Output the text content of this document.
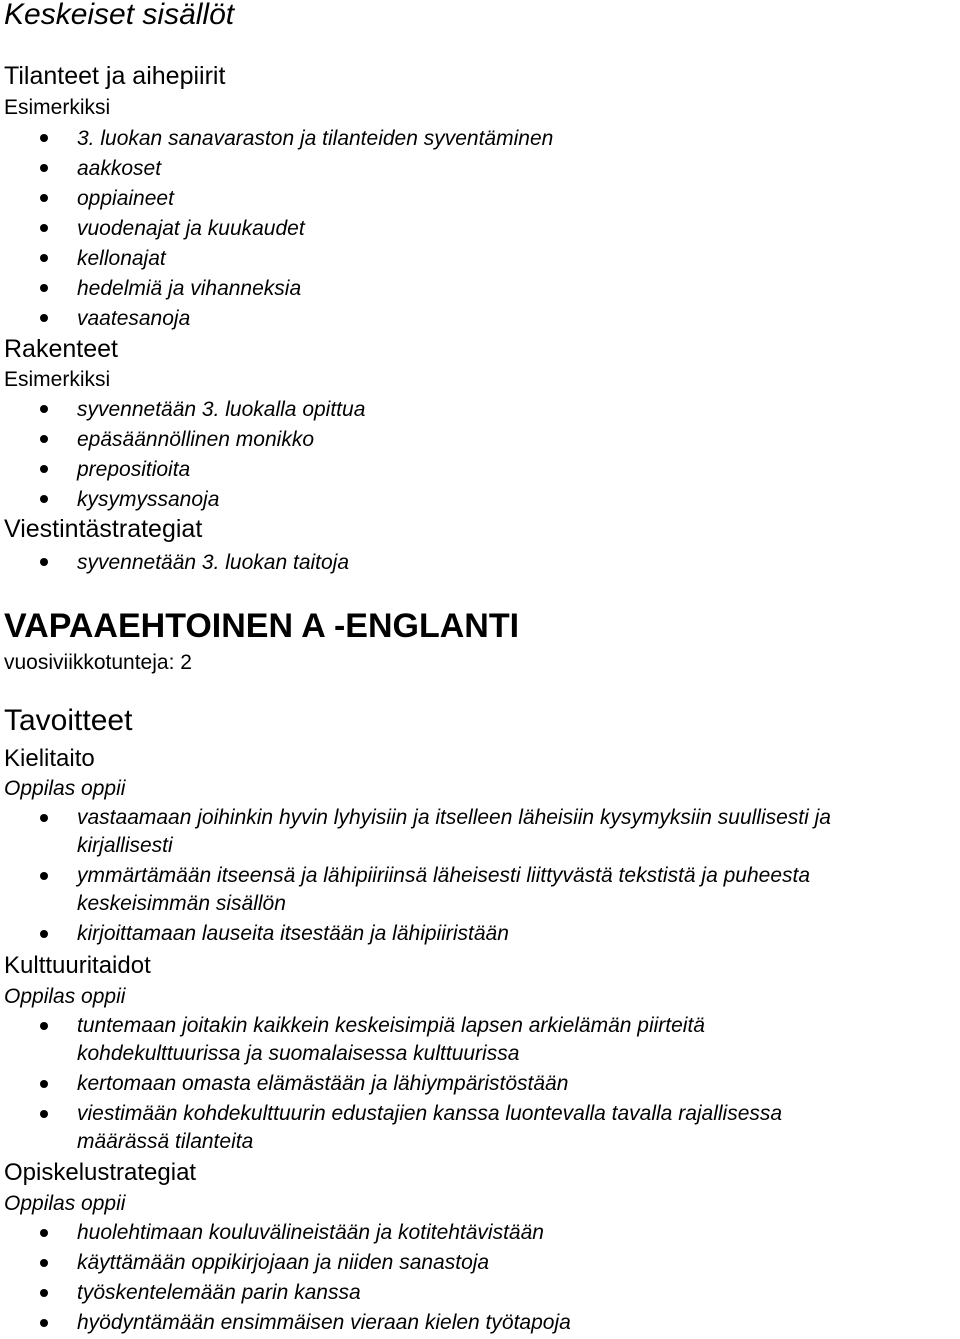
Keskeiset sisällöt
Tilanteet ja aihepiirit
Esimerkiksi
3. luokan sanavaraston ja tilanteiden syventäminen
aakkoset
oppiaineet
vuodenajat ja kuukaudet
kellonajat
hedelmiä ja vihanneksia
vaatesanoja
Rakenteet
Esimerkiksi
syvennetään 3. luokalla opittua
epäsäännöllinen monikko
prepositioita
kysymyssanoja
Viestintästrategiat
syvennetään 3. luokan taitoja
VAPAAEHTOINEN A -ENGLANTI
vuosiviikkotunteja: 2
Tavoitteet
Kielitaito
Oppilas oppii
vastaamaan joihinkin hyvin lyhyisiin ja itselleen läheisiin kysymyksiin suullisesti ja
kirjallisesti
ymmärtämään itseensä ja lähipiiriinsä läheisesti liittyvästä tekstistä ja puheesta
keskeisimmän sisällön
kirjoittamaan lauseita itsestään ja lähipiiristään
Kulttuuritaidot
Oppilas oppii
tuntemaan joitakin kaikkein keskeisimpiä lapsen arkielämän piirteitä
kohdekulttuurissa ja suomalaisessa kulttuurissa
kertomaan omasta elämästään ja lähiympäristöstään
viestimään kohdekulttuurin edustajien kanssa luontevalla tavalla rajallisessa
määrässä tilanteita
Opiskelustrategiat
Oppilas oppii
huolehtimaan kouluvälineistään ja kotitehtävistään
käyttämään oppikirjojaan ja niiden sanastoja
työskentelemään parin kanssa
hyödyntämään ensimmäisen vieraan kielen työtapoja
